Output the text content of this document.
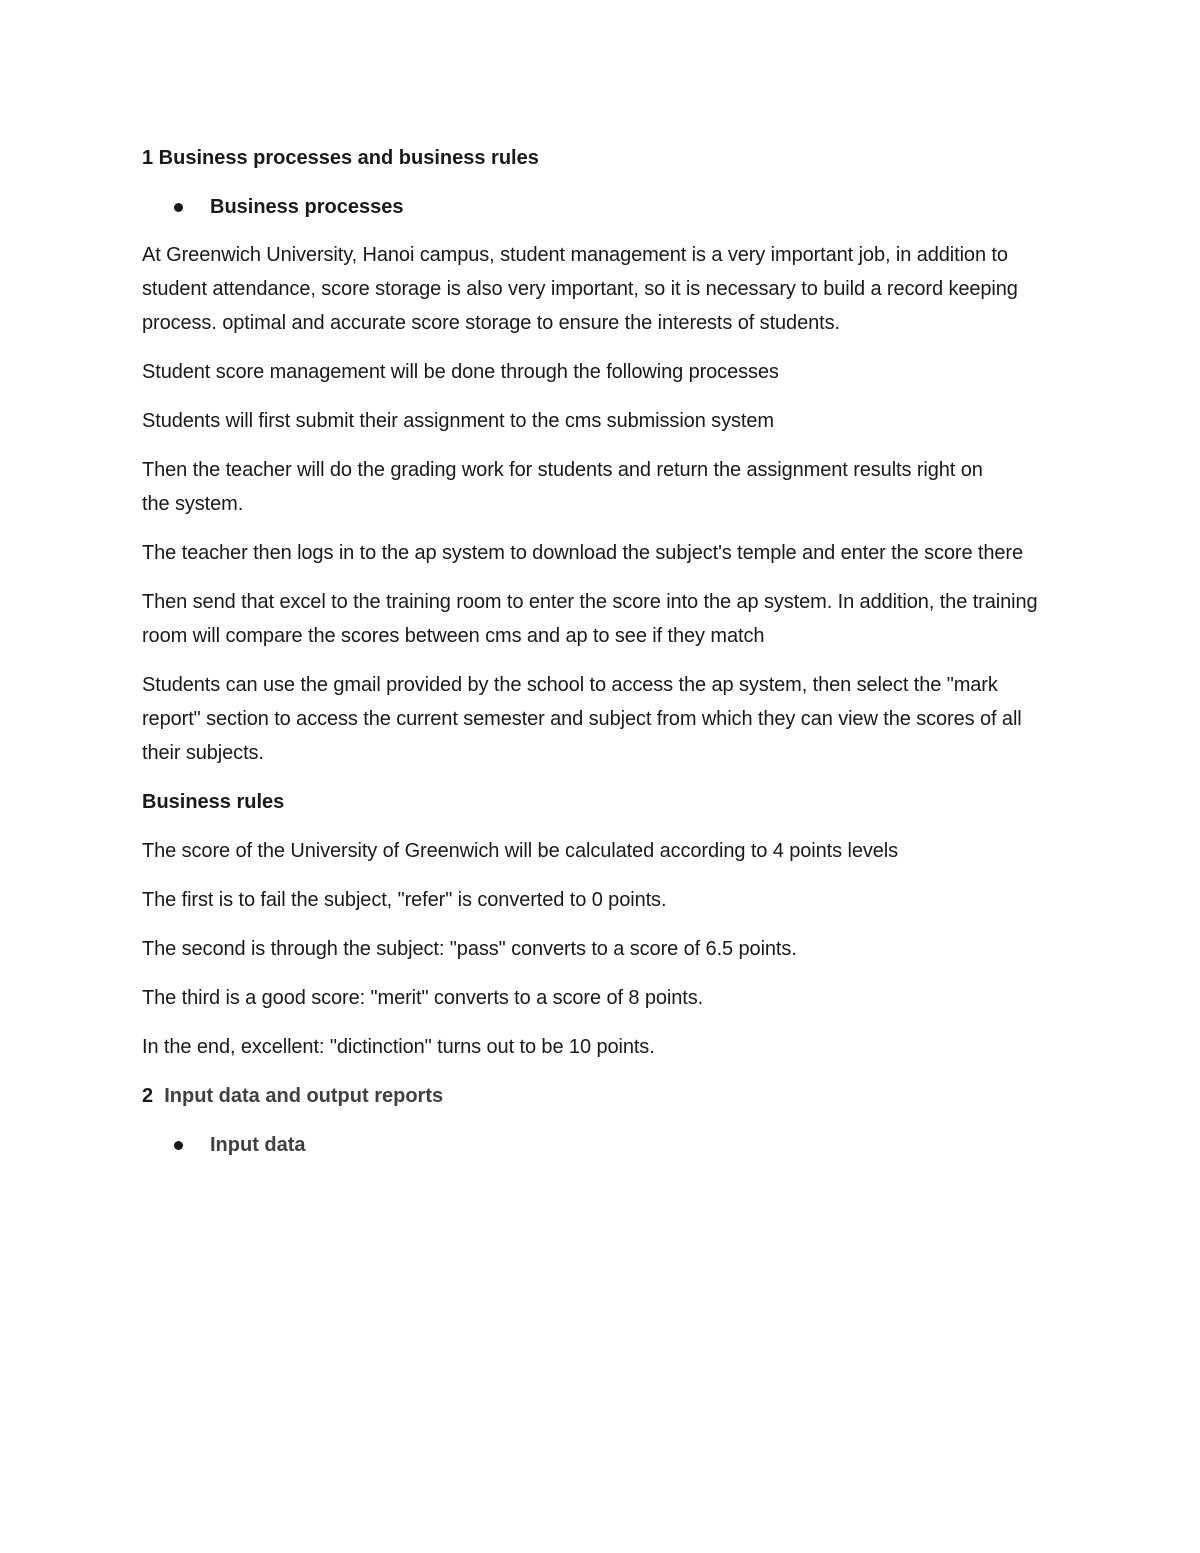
1 Business processes and business rules
Business processes

At Greenwich University, Hanoi campus, student management is a very important job, in addition to student attendance, score storage is also very important, so it is necessary to build a record keeping process. optimal and accurate score storage to ensure the interests of students.

Student score management will be done through the following processes

Students will first submit their assignment to the cms submission system

Then the teacher will do the grading work for students and return the assignment results right on the system.

The teacher then logs in to the ap system to download the subject's temple and enter the score there

Then send that excel to the training room to enter the score into the ap system. In addition, the training room will compare the scores between cms and ap to see if they match

Students can use the gmail provided by the school to access the ap system, then select the "mark report" section to access the current semester and subject from which they can view the scores of all their subjects.

Business rules

The score of the University of Greenwich will be calculated according to 4 points levels

The first is to fail the subject, "refer" is converted to 0 points.

The second is through the subject: "pass" converts to a score of 6.5 points.

The third is a good score: "merit" converts to a score of 8 points.

In the end, excellent: "dictinction" turns out to be 10 points.

2 Input data and output reports
Input data
